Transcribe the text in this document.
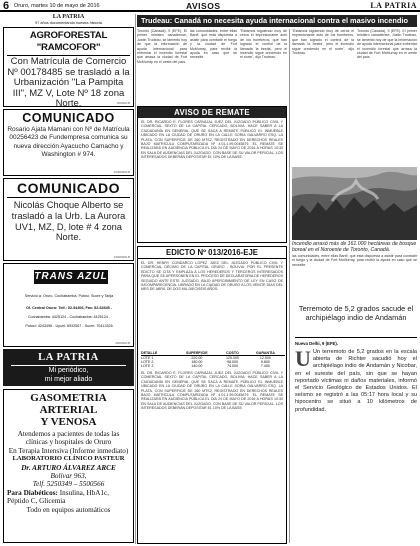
6 Oruro, martes 10 de mayo de 2016	AVISOS	LA PATRIA
LA PATRIA
97 años documentando nuestra historia
AGROFORESTAL "RAMCOFOR"
Con Matrícula de Comercio Nº 00178485 se trasladó a la Urbanización "La Pampita III", MZ V, Lote Nº 18 zona Norte.	000000-B
COMUNICADO
Rosario Ajata Mamani con Nº de Matrícula 00256423 de Fundempresa comunica su nueva dirección Ayacucho Camacho y Washington # 974.
10000000-B
COMUNICADO
Nicolás Choque Alberto se trasladó a la Urb. La Aurora UV1, MZ, D, lote # 4 zona Norte.
10000000-B
TRANS AZUL
Servicio a: Oruro, Cochabamba, Potosí, Sucre y Tarija
Of. Central Oruro: Telf.: 52-54406, Fax: 52-64645 -
Cochabamba: 4425124 - Cochabamba: 4425124 -
Potosí: 4243496 - Uyuni: 6932567 - Sucre: 70413326
2000000-B
LA PATRIA
Mi periódico,
mi mejor aliado
GASOMETRIA
ARTERIAL
Y VENOSA
Atendemos a pacientes de todas las clínicas y hospitales de Oruro
En Terapia Intensiva (Informe inmediato)
LABORATORIO CLÍNICO PASTEUR
Dr. ARTURO ÁLVAREZ ARCE
Bolívar 963,
Telf. 5250349 – 5500566
Para Diabéticos: Insulina, HbA1c, Péptido C, Glicemia
Todo en equipos automáticos
Trudeau: Canadá no necesita ayuda internacional contra el masivo incendio
Toronto (Canadá), 9 (EFE). El primer ministro canadiense, Justin Trudeau, se lamentó hoy de que la información de ayuda internacional para enfrentar el incendio forestal que arrasa la ciudad de Fort McMurray en el oeste del país.
las comunidades, entre ellas Banff, que está dispuesta a asistir para combatir el fuego y la ciudad de Fort McMurray, para recibir la ayuda en caso que se necesite.
"Estamos siguiendo muy de cerca el impresionante acto de los bomberos, que han logrado el control de la llamada 'la bestia', pero el incendio sigue creciendo en el norte", dijo Trudeau.
"Estamos siguiendo muy de cerca el impresionante acto de los bomberos, que han logrado el control de la llamada 'la bestia', pero el incendio sigue creciendo en el norte", dijo Trudeau.
Toronto (Canadá), 9 (EFE). El primer ministro canadiense, Justin Trudeau, se lamentó hoy de que la información de ayuda internacional para enfrentar el incendio forestal que arrasa la ciudad de Fort McMurray en el oeste del país.
AVISO DE REMATE
EL DR. RICARDO E. FLORES CARVAJAL JUEZ DEL JUZGADO PÚBLICO CIVIL Y COMERCIAL SEXTO DE LA CAPITAL CERCADO, BOLIVIA. HACE SABER A LA CIUDADANÍA EN GENERAL QUE SE SACA A REMATE PÚBLICO EL INMUEBLE UBICADO EN LA CIUDAD DE ORURO EN LA CALLE SORIA GALVARRO ESQ. LA PLATA, CON SUPERFICIE DE 260 MTS2, REGISTRADO EN DERECHOS REALES BAJO MATRÍCULA COMPUTARIZADA Nº 4.01.1.99.0045879. EL REMATE SE REALIZARÁ EN AUDIENCIA PÚBLICA EL DÍA 24 DE MAYO DE 2016 A HORAS 10:30 EN SALA DE AUDIENCIAS DEL JUZGADO, CON BASE DE SU VALOR PERICIAL. LOS INTERESADOS DEBERÁN DEPOSITAR EL 10% DE LA BASE.
Incendio arrasó más de 161.000 hectáreas de bosque boreal en el Noroeste de Toronto, Canadá.
las comunidades, entre ellas Banff, que está dispuesta a asistir para combatir el fuego y la ciudad de Fort McMurray, para recibir la ayuda en caso que se necesite.
EDICTO Nº 013/2016-EJE
EL DR. HENRY CONDARCO LOPEZ JUEZ DEL JUZGADO PÚBLICO CIVIL Y COMERCIAL DÉCIMO DE LA CAPITAL ORURO - BOLIVIA. POR EL PRESENTE EDICTO SE CITA Y EMPLAZA A LOS HEREDEROS Y TERCEROS INTERESADOS PARA QUE SE APERSONEN EN EL PROCESO DE DECLARATORIA DE HEREDEROS SEGUIDO ANTE ESTE JUZGADO, BAJO APERCIBIMIENTO DE LEY EN CASO DE INCOMPARECENCIA. LIBRADO EN LA CIUDAD DE ORURO A LOS VEINTE DÍAS DEL MES DE ABRIL DE DOS MIL DIECISÉIS AÑOS.
DETALLE	SUPERFICIE	COSTO	GARANTÍA
LOTE 1	220.00	125.000	12.500
LOTE 2	180.00	98.000	9.800
LOTE 3	140.00	74.000	7.400
EL DR. RICARDO E. FLORES CARVAJAL JUEZ DEL JUZGADO PÚBLICO CIVIL Y COMERCIAL SEXTO DE LA CAPITAL CERCADO, BOLIVIA. HACE SABER A LA CIUDADANÍA EN GENERAL QUE SE SACA A REMATE PÚBLICO EL INMUEBLE UBICADO EN LA CIUDAD DE ORURO EN LA CALLE SORIA GALVARRO ESQ. LA PLATA, CON SUPERFICIE DE 260 MTS2, REGISTRADO EN DERECHOS REALES BAJO MATRÍCULA COMPUTARIZADA Nº 4.01.1.99.0045879. EL REMATE SE REALIZARÁ EN AUDIENCIA PÚBLICA EL DÍA 24 DE MAYO DE 2016 A HORAS 10:30 EN SALA DE AUDIENCIAS DEL JUZGADO, CON BASE DE SU VALOR PERICIAL. LOS INTERESADOS DEBERÁN DEPOSITAR EL 10% DE LA BASE.
Terremoto de 5,2 grados sacude el archipiélago indio de Andamán
Nueva Delhi, 9 (EFE).
U Un terremoto de 5,2 grados en la escala abierta de Richter sacudió hoy el archipiélago indio de Andamán y Nicobar, en el sureste del país, sin que se hayan reportado víctimas ni daños materiales, informó el Servicio Geológico de Estados Unidos. El seísmo se registró a las 05:17 hora local y su hipocentro se situó a 10 kilómetros de profundidad.
